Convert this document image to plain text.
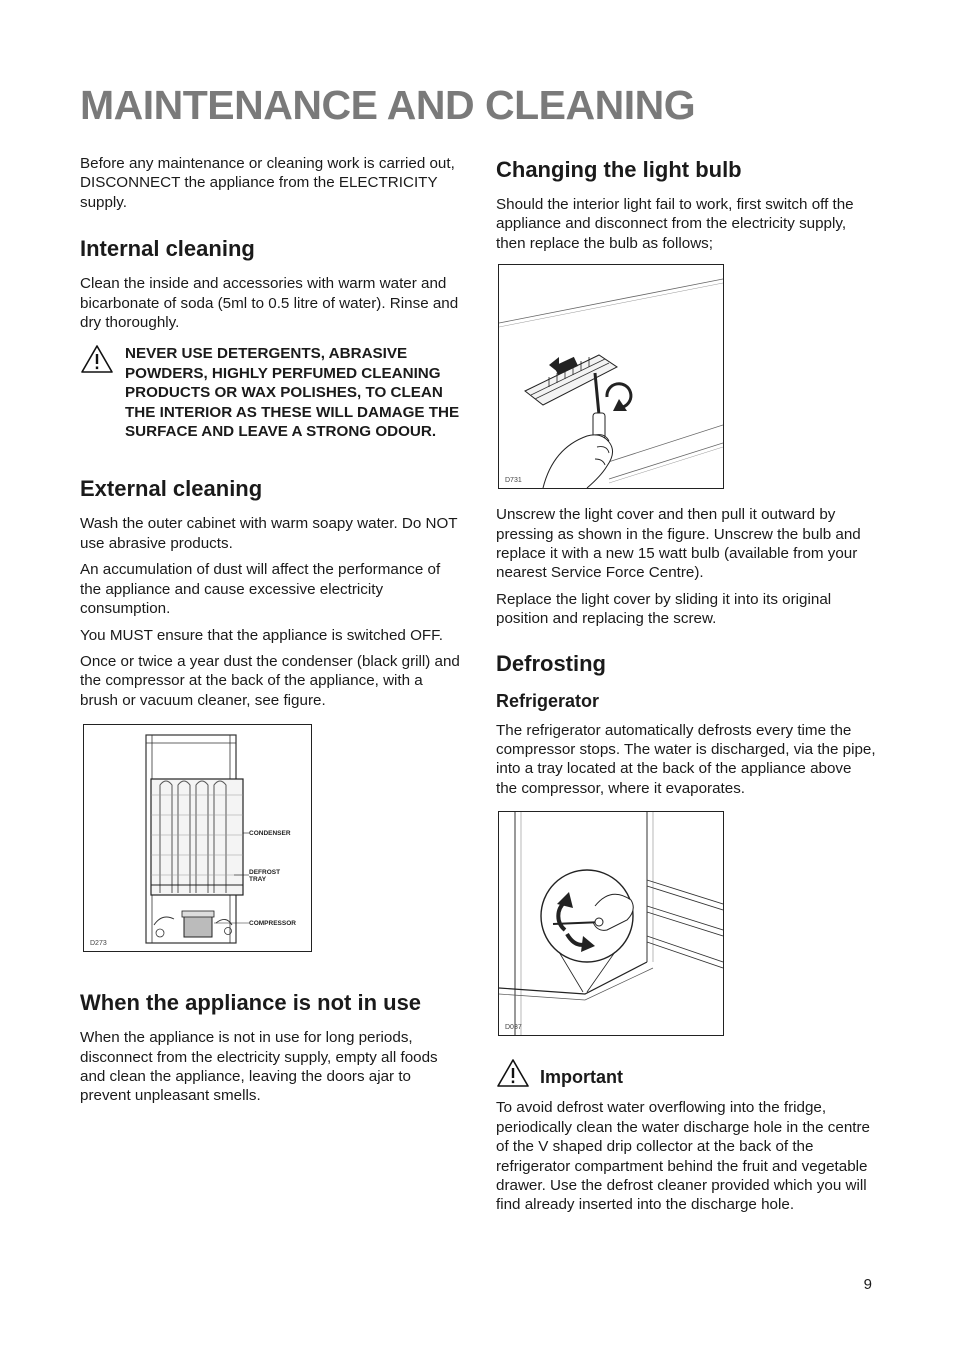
MAINTENANCE AND CLEANING

Before any maintenance or cleaning work is carried out, DISCONNECT the appliance from the ELECTRICITY supply.

Internal cleaning

Clean the inside and accessories with warm water and bicarbonate of soda (5ml to 0.5 litre of water). Rinse and dry thoroughly.

NEVER USE DETERGENTS, ABRASIVE POWDERS, HIGHLY PERFUMED CLEANING PRODUCTS OR WAX POLISHES, TO CLEAN THE INTERIOR AS THESE WILL DAMAGE THE SURFACE AND LEAVE A STRONG ODOUR.
External cleaning

Wash the outer cabinet with warm soapy water. Do NOT use abrasive products.

An accumulation of dust will affect the performance of the appliance and cause excessive electricity consumption.

You MUST ensure that the appliance is switched OFF.

Once or twice a year dust the condenser (black grill) and the compressor at the back of the appliance, with a brush or vacuum cleaner, see figure.

CONDENSER
DEFROST
TRAY
COMPRESSOR
D273
When the appliance is not in use

When the appliance is not in use for long periods, disconnect from the electricity supply, empty all foods and clean the appliance, leaving the doors ajar to prevent unpleasant smells.

Changing the light bulb

Should the interior light fail to work, first switch off the appliance and disconnect from the electricity supply, then replace the bulb as follows;

D731

Unscrew the light cover and then pull it outward by pressing as shown in the figure. Unscrew the bulb and replace it with a new 15 watt bulb (available from your nearest Service Force Centre).

Replace the light cover by sliding it into its original position and replacing the screw.

Defrosting
Refrigerator

The refrigerator automatically defrosts every time the compressor stops. The water is discharged, via the pipe, into a tray located at the back of the appliance above the compressor, where it evaporates.

D037
Important

To avoid defrost water overflowing into the fridge, periodically clean the water discharge hole in the centre of the V shaped drip collector at the back of the refrigerator compartment behind the fruit and vegetable drawer. Use the defrost cleaner provided which you will find already inserted into the discharge hole.

9
